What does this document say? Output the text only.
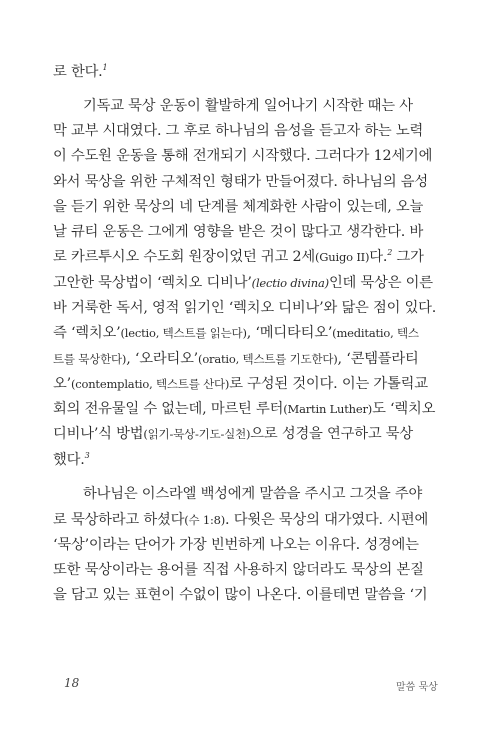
로 한다.$^1$
기독교 묵상 운동이 활발하게 일어나기 시작한 때는 사
막 교부 시대였다. 그 후로 하나님의 음성을 듣고자 하는 노력
이 수도원 운동을 통해 전개되기 시작했다. 그러다가 12세기에
와서 묵상을 위한 구체적인 형태가 만들어졌다. 하나님의 음성
을 듣기 위한 묵상의 네 단계를 체계화한 사람이 있는데, 오늘
날 큐티 운동은 그에게 영향을 받은 것이 많다고 생각한다. 바
로 카르투시오 수도회 원장이었던 귀고 2세(Guigo II)다.$^2$ 그가
고안한 묵상법이 ‘렉치오 디비나’(lectio divina)인데 묵상은 이른
바 거룩한 독서, 영적 읽기인 ‘렉치오 디비나’와 닮은 점이 있다.
즉 ‘렉치오’(lectio, 텍스트를 읽는다), ‘메디타티오’(meditatio, 텍스
트를 묵상한다), ‘오라티오’(oratio, 텍스트를 기도한다), ‘콘템플라티
오’(contemplatio, 텍스트를 산다)로 구성된 것이다. 이는 가톨릭교
회의 전유물일 수 없는데, 마르틴 루터(Martin Luther)도 ‘렉치오
디비나’식 방법(읽기-묵상-기도-실천)으로 성경을 연구하고 묵상
했다.$^3$
하나님은 이스라엘 백성에게 말씀을 주시고 그것을 주야
로 묵상하라고 하셨다(수 1:8). 다윗은 묵상의 대가였다. 시편에
‘묵상’이라는 단어가 가장 빈번하게 나오는 이유다. 성경에는
또한 묵상이라는 용어를 직접 사용하지 않더라도 묵상의 본질
을 담고 있는 표현이 수없이 많이 나온다. 이를테면 말씀을 ‘기
18	말씀 묵상
